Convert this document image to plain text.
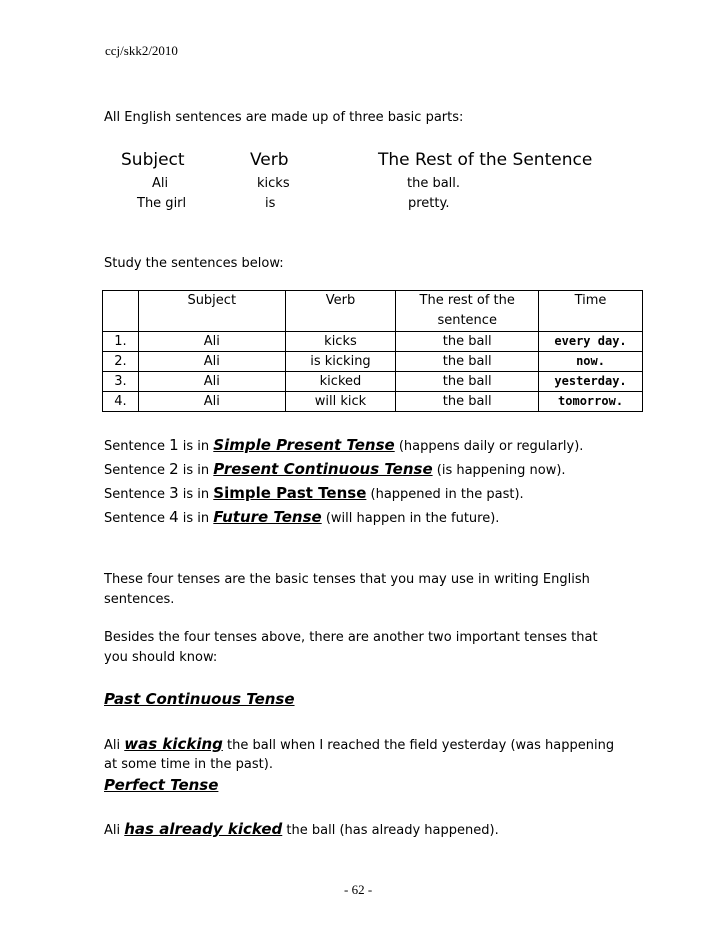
ccj/skk2/2010
All English sentences are made up of three basic parts:
Subject	Verb	The Rest of the Sentence
Ali	kicks	the ball.
The girl	is	pretty.
Study the sentences below:
	Subject	Verb	The rest of the sentence	Time
1.	Ali	kicks	the ball	every day.
2.	Ali	is kicking	the ball	now.
3.	Ali	kicked	the ball	yesterday.
4.	Ali	will kick	the ball	tomorrow.
Sentence 1 is in Simple Present Tense (happens daily or regularly).
Sentence 2 is in Present Continuous Tense (is happening now).
Sentence 3 is in Simple Past Tense (happened in the past).
Sentence 4 is in Future Tense (will happen in the future).
These four tenses are the basic tenses that you may use in writing English
sentences.
Besides the four tenses above, there are another two important tenses that
you should know:
Past Continuous Tense
Ali was kicking the ball when I reached the field yesterday (was happening
at some time in the past).
Perfect Tense
Ali has already kicked the ball (has already happened).
- 62 -
